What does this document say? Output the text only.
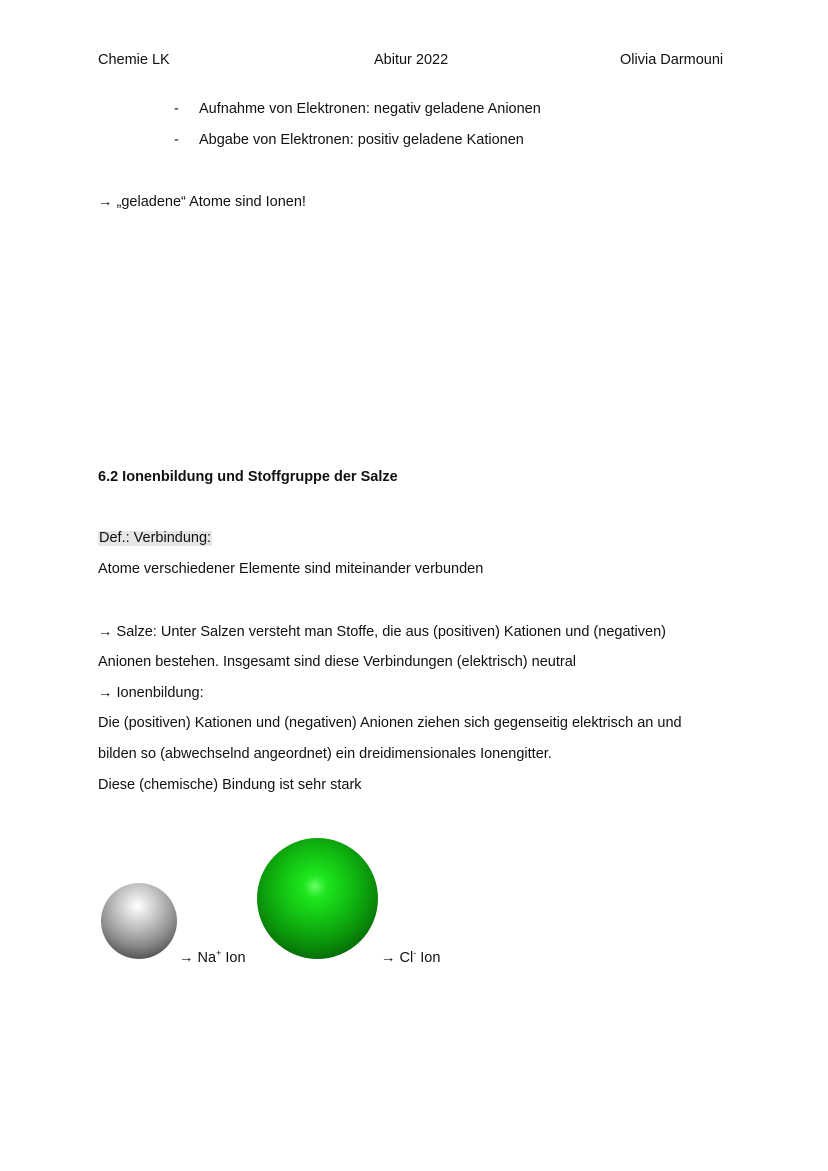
Chemie LK	Abitur 2022	Olivia Darmouni
- Aufnahme von Elektronen: negativ geladene Anionen
- Abgabe von Elektronen: positiv geladene Kationen
→ „geladene“ Atome sind Ionen!
6.2 Ionenbildung und Stoffgruppe der Salze
Def.: Verbindung:
Atome verschiedener Elemente sind miteinander verbunden
→ Salze: Unter Salzen versteht man Stoffe, die aus (positiven) Kationen und (negativen)
Anionen bestehen. Insgesamt sind diese Verbindungen (elektrisch) neutral
→ Ionenbildung:
Die (positiven) Kationen und (negativen) Anionen ziehen sich gegenseitig elektrisch an und
bilden so (abwechselnd angeordnet) ein dreidimensionales Ionengitter.
Diese (chemische) Bindung ist sehr stark
→ Na+ Ion	→ Cl- Ion
